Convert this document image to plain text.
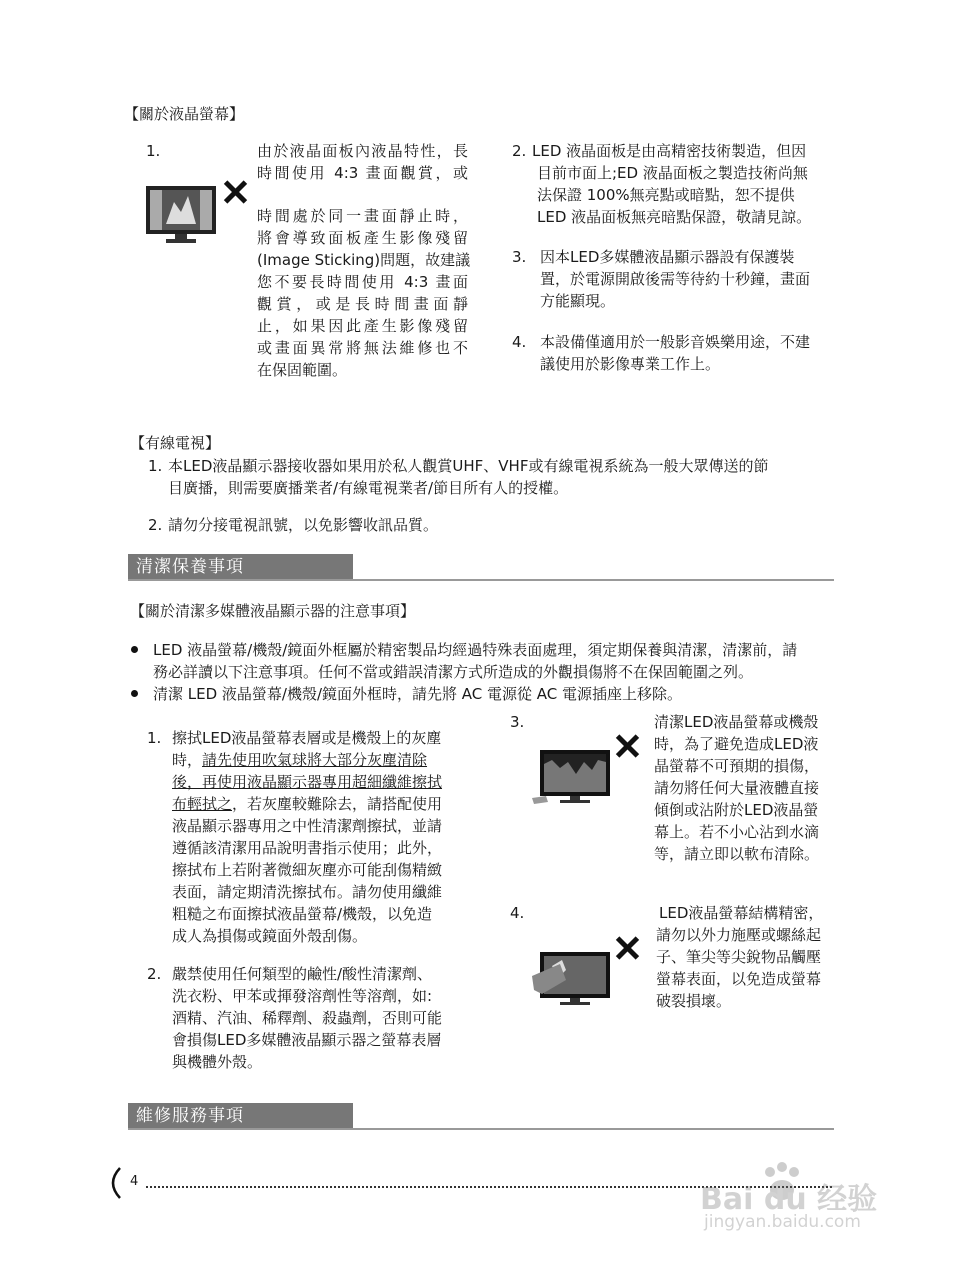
【關於液晶螢幕】
1.	由於液晶面板內液晶特性，長
時間使用 4:3 畫面觀賞，或
時間處於同一畫面靜止時，
將會導致面板產生影像殘留
(Image Sticking)問題，故建議
您不要長時間使用 4:3 畫面
觀賞，或是長時間畫面靜
止，如果因此產生影像殘留
或畫面異常將無法維修也不
在保固範圍。
2. LED 液晶面板是由高精密技術製造，但因
目前市面上;ED 液晶面板之製造技術尚無
法保證 100%無亮點或暗點，恕不提供
LED 液晶面板無亮暗點保證，敬請見諒。
3. 因本LED多媒體液晶顯示器設有保護裝
置，於電源開啟後需等待約十秒鐘，畫面
方能顯現。
4. 本設備僅適用於一般影音娛樂用途，不建
議使用於影像專業工作上。
【有線電視】
1. 本LED液晶顯示器接收器如果用於私人觀賞UHF、VHF或有線電視系統為一般大眾傳送的節
目廣播，則需要廣播業者/有線電視業者/節目所有人的授權。
2. 請勿分接電視訊號，以免影響收訊品質。
清潔保養事項
【關於清潔多媒體液晶顯示器的注意事項】
LED 液晶螢幕/機殼/鏡面外框屬於精密製品均經過特殊表面處理，須定期保養與清潔，清潔前，請
務必詳讀以下注意事項。任何不當或錯誤清潔方式所造成的外觀損傷將不在保固範圍之列。
清潔 LED 液晶螢幕/機殼/鏡面外框時，請先將 AC 電源從 AC 電源插座上移除。
1. 擦拭LED液晶螢幕表層或是機殼上的灰塵
時，請先使用吹氣球將大部分灰塵清除
後，再使用液晶顯示器專用超細纖維擦拭
布輕拭之，若灰塵較難除去，請搭配使用
液晶顯示器專用之中性清潔劑擦拭，並請
遵循該清潔用品說明書指示使用；此外，
擦拭布上若附著微細灰塵亦可能刮傷精緻
表面，請定期清洗擦拭布。請勿使用纖維
粗糙之布面擦拭液晶螢幕/機殼，以免造
成人為損傷或鏡面外殼刮傷。
2. 嚴禁使用任何類型的鹼性/酸性清潔劑、
洗衣粉、甲苯或揮發溶劑性等溶劑，如:
酒精、汽油、稀釋劑、殺蟲劑，否則可能
會損傷LED多媒體液晶顯示器之螢幕表層
與機體外殼。
3.	清潔LED液晶螢幕或機殼
時，為了避免造成LED液
晶螢幕不可預期的損傷，
請勿將任何大量液體直接
傾倒或沾附於LED液晶螢
幕上。若不小心沾到水滴
等，請立即以軟布清除。
4.	LED液晶螢幕結構精密，
請勿以外力施壓或螺絲起
子、筆尖等尖銳物品觸壓
螢幕表面，以免造成螢幕
破裂損壞。
維修服務事項
4
Bai du 经验
jingyan.baidu.com
